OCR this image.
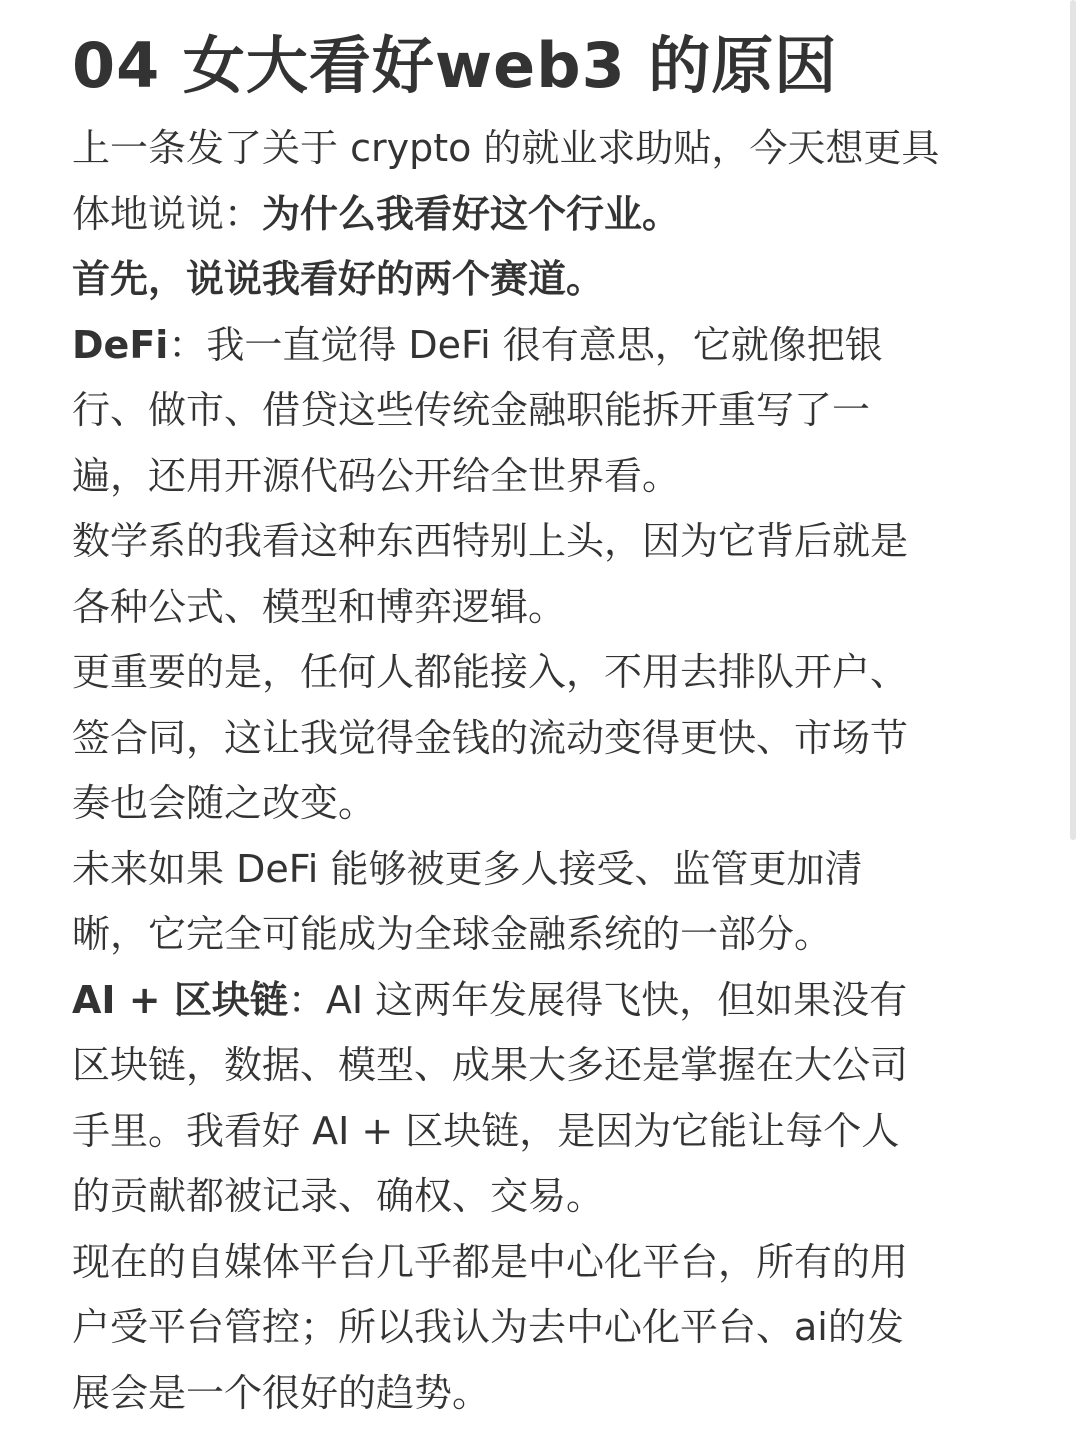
04 女大看好web3 的原因

上一条发了关于 crypto 的就业求助贴，今天想更具
体地说说：为什么我看好这个行业。

首先，说说我看好的两个赛道。

DeFi：我一直觉得 DeFi 很有意思，它就像把银
行、做市、借贷这些传统金融职能拆开重写了一
遍，还用开源代码公开给全世界看。

数学系的我看这种东西特别上头，因为它背后就是
各种公式、模型和博弈逻辑。

更重要的是，任何人都能接入，不用去排队开户、
签合同，这让我觉得金钱的流动变得更快、市场节
奏也会随之改变。

未来如果 DeFi 能够被更多人接受、监管更加清
晰，它完全可能成为全球金融系统的一部分。

AI + 区块链：AI 这两年发展得飞快，但如果没有
区块链，数据、模型、成果大多还是掌握在大公司
手里。我看好 AI + 区块链，是因为它能让每个人
的贡献都被记录、确权、交易。

现在的自媒体平台几乎都是中心化平台，所有的用
户受平台管控；所以我认为去中心化平台、ai的发
展会是一个很好的趋势。
